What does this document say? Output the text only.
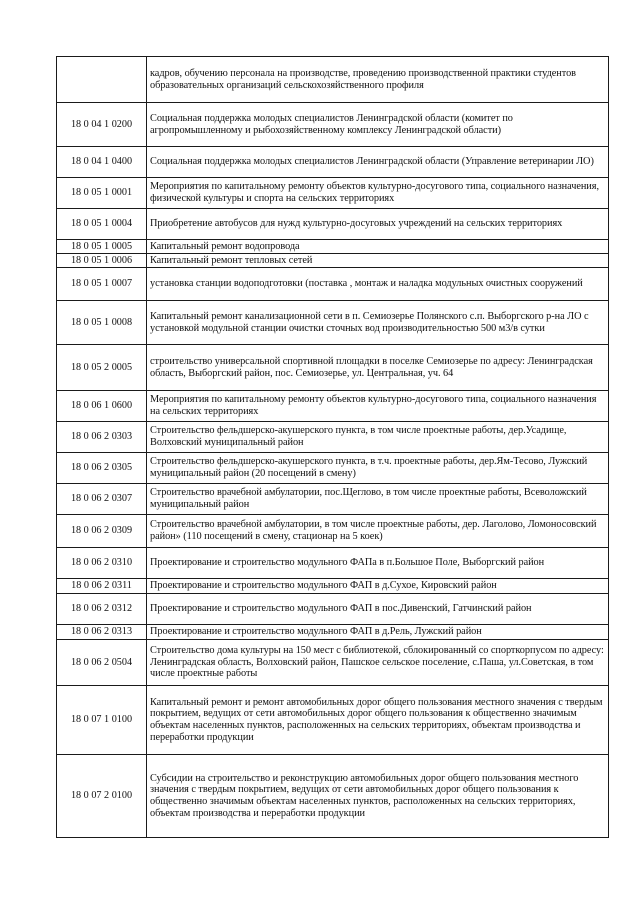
	кадров, обучению персонала на производстве, проведению производственной практики студентов образовательных организаций сельскохозяйственного профиля
18 0 04 1 0200	Социальная поддержка молодых специалистов Ленинградской области (комитет по агропромышленному и рыбохозяйственному комплексу Ленинградской области)
18 0 04 1 0400	Социальная поддержка молодых специалистов Ленинградской области (Управление ветеринарии ЛО)
18 0 05 1 0001	Мероприятия по капитальному ремонту объектов культурно-досугового типа, социального назначения, физической культуры и спорта на сельских территориях
18 0 05 1 0004	Приобретение автобусов для нужд культурно-досуговых учреждений на сельских территориях
18 0 05 1 0005	Капитальный ремонт водопровода
18 0 05 1 0006	Капитальный ремонт тепловых сетей
18 0 05 1 0007	установка станции водоподготовки (поставка , монтаж и наладка модульных очистных сооружений
18 0 05 1 0008	Капитальный ремонт канализационной сети в п. Семиозерье Полянского с.п. Выборгского р-на ЛО с установкой модульной станции очистки сточных вод производительностью 500 м3/в сутки
18 0 05 2 0005	строительство универсальной спортивной площадки в поселке Семиозерье по адресу: Ленинградская область, Выборгский район, пос. Семиозерье, ул. Центральная, уч. 64
18 0 06 1 0600	Мероприятия по капитальному ремонту объектов культурно-досугового типа, социального назначения на сельских территориях
18 0 06 2 0303	Строительство фельдшерско-акушерского пункта, в том числе проектные работы, дер.Усадище, Волховский муниципальный район
18 0 06 2 0305	Строительство фельдшерско-акушерского пункта, в т.ч. проектные работы, дер.Ям-Тесово, Лужский муниципальный район (20 посещений в смену)
18 0 06 2 0307	Строительство врачебной амбулатории, пос.Щеглово, в том числе проектные работы, Всеволожский муниципальный район
18 0 06 2 0309	Строительство врачебной амбулатории, в том числе проектные работы, дер. Лаголово, Ломоносовский район» (110 посещений в смену, стационар на 5 коек)
18 0 06 2 0310	Проектирование и строительство модульного ФАПа в п.Большое Поле, Выборгский район
18 0 06 2 0311	Проектирование и строительство модульного ФАП в д.Сухое, Кировский район
18 0 06 2 0312	Проектирование и строительство модульного ФАП в пос.Дивенский, Гатчинский район
18 0 06 2 0313	Проектирование и строительство модульного ФАП в д.Рель, Лужский район
18 0 06 2 0504	Строительство дома культуры на 150 мест с библиотекой, сблокированный со спорткорпусом по адресу: Ленинградская область, Волховский район, Пашское сельское поселение, с.Паша, ул.Советская, в том числе проектные работы
18 0 07 1 0100	Капитальный ремонт и ремонт автомобильных дорог общего пользования местного значения с твердым покрытием, ведущих от сети автомобильных дорог общего пользования к общественно значимым объектам населенных пунктов, расположенных на сельских территориях, объектам производства и переработки продукции
18 0 07 2 0100	Субсидии на строительство и реконструкцию автомобильных дорог общего пользования местного значения с твердым покрытием, ведущих от сети автомобильных дорог общего пользования к общественно значимым объектам населенных пунктов, расположенных на сельских территориях, объектам производства и переработки продукции
